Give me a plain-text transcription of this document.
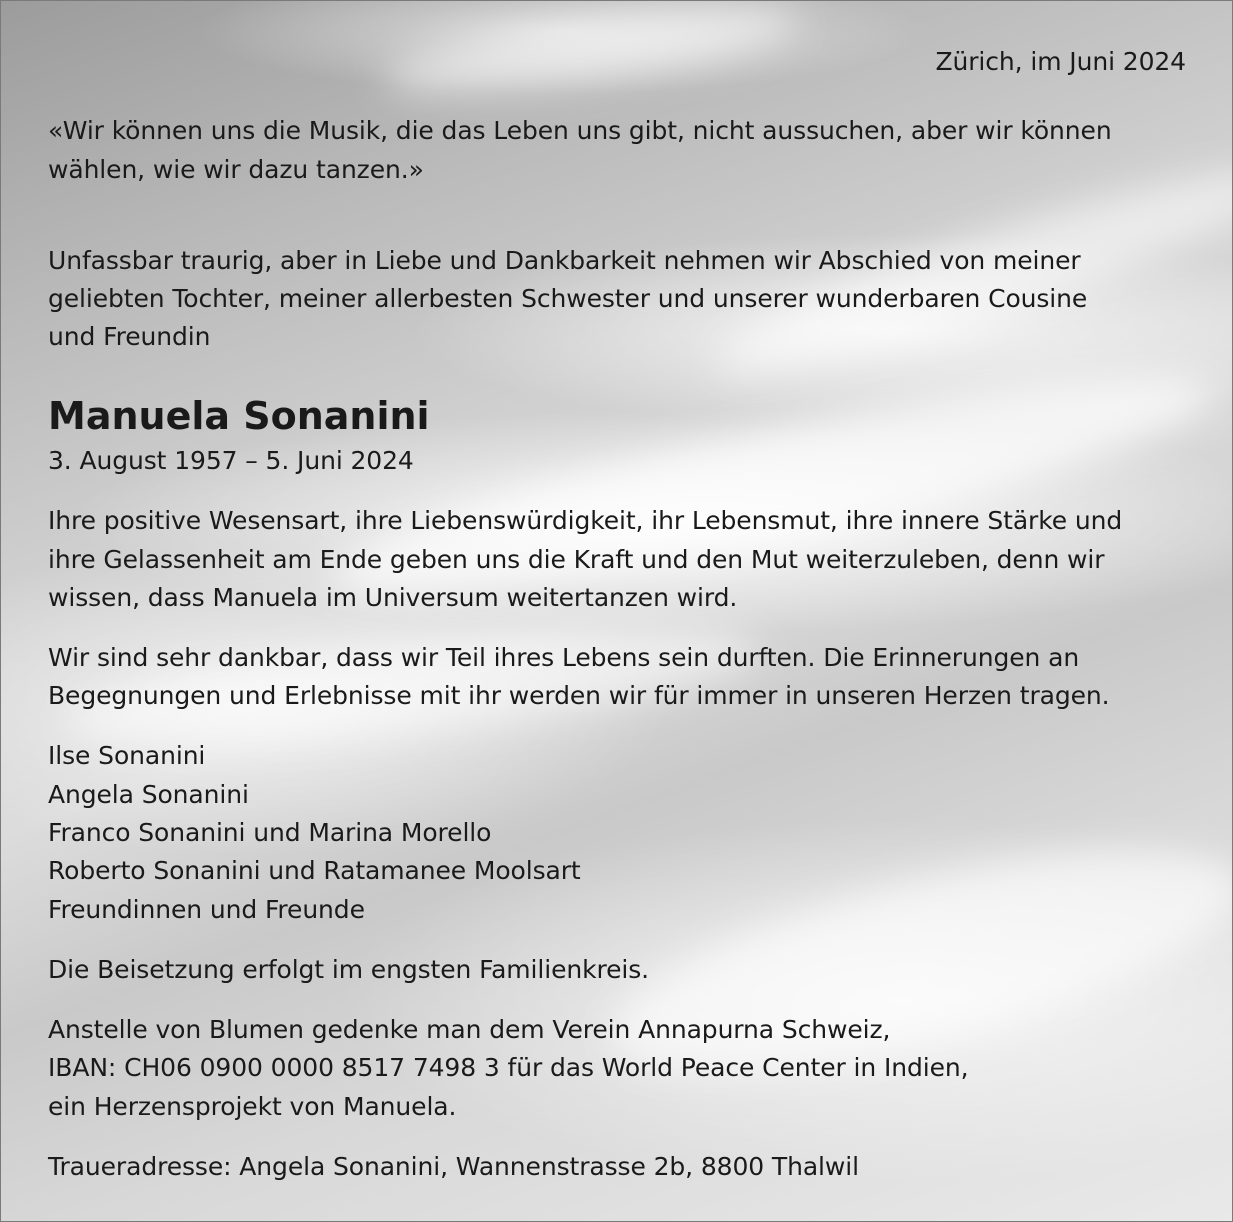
Zürich, im Juni 2024

«Wir können uns die Musik, die das Leben uns gibt, nicht aussuchen, aber wir können

wählen, wie wir dazu tanzen.»

Unfassbar traurig, aber in Liebe und Dankbarkeit nehmen wir Abschied von meiner

geliebten Tochter, meiner allerbesten Schwester und unserer wunderbaren Cousine

und Freundin

Manuela Sonanini

3. August 1957 – 5. Juni 2024

Ihre positive Wesensart, ihre Liebenswürdigkeit, ihr Lebensmut, ihre innere Stärke und

ihre Gelassenheit am Ende geben uns die Kraft und den Mut weiterzuleben, denn wir

wissen, dass Manuela im Universum weitertanzen wird.

Wir sind sehr dankbar, dass wir Teil ihres Lebens sein durften. Die Erinnerungen an

Begegnungen und Erlebnisse mit ihr werden wir für immer in unseren Herzen tragen.

Ilse Sonanini

Angela Sonanini

Franco Sonanini und Marina Morello

Roberto Sonanini und Ratamanee Moolsart

Freundinnen und Freunde

Die Beisetzung erfolgt im engsten Familienkreis.

Anstelle von Blumen gedenke man dem Verein Annapurna Schweiz,

IBAN: CH06 0900 0000 8517 7498 3 für das World Peace Center in Indien,

ein Herzensprojekt von Manuela.

Traueradresse: Angela Sonanini, Wannenstrasse 2b, 8800 Thalwil
